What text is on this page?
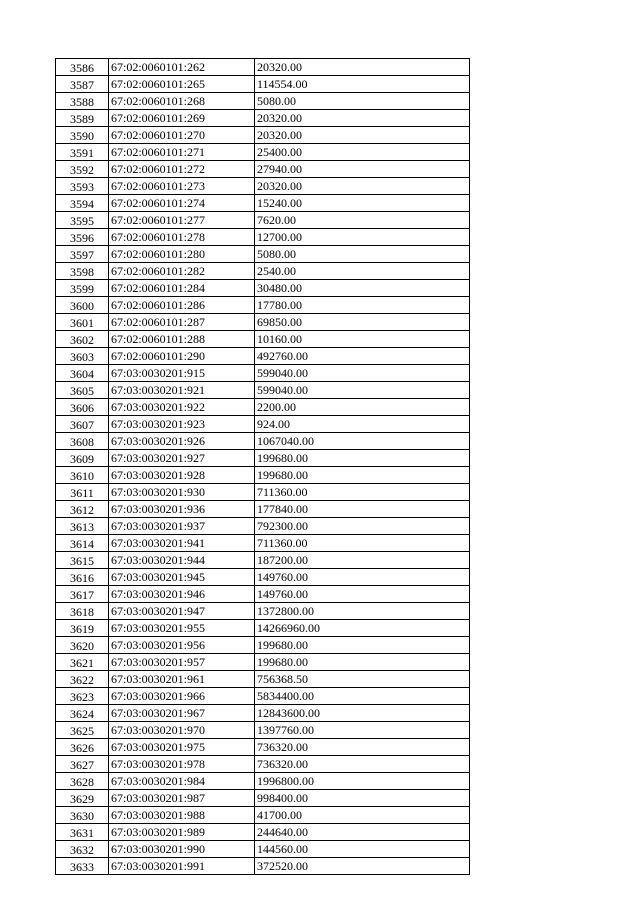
3586	67:02:0060101:262	20320.00
3587	67:02:0060101:265	114554.00
3588	67:02:0060101:268	5080.00
3589	67:02:0060101:269	20320.00
3590	67:02:0060101:270	20320.00
3591	67:02:0060101:271	25400.00
3592	67:02:0060101:272	27940.00
3593	67:02:0060101:273	20320.00
3594	67:02:0060101:274	15240.00
3595	67:02:0060101:277	7620.00
3596	67:02:0060101:278	12700.00
3597	67:02:0060101:280	5080.00
3598	67:02:0060101:282	2540.00
3599	67:02:0060101:284	30480.00
3600	67:02:0060101:286	17780.00
3601	67:02:0060101:287	69850.00
3602	67:02:0060101:288	10160.00
3603	67:02:0060101:290	492760.00
3604	67:03:0030201:915	599040.00
3605	67:03:0030201:921	599040.00
3606	67:03:0030201:922	2200.00
3607	67:03:0030201:923	924.00
3608	67:03:0030201:926	1067040.00
3609	67:03:0030201:927	199680.00
3610	67:03:0030201:928	199680.00
3611	67:03:0030201:930	711360.00
3612	67:03:0030201:936	177840.00
3613	67:03:0030201:937	792300.00
3614	67:03:0030201:941	711360.00
3615	67:03:0030201:944	187200.00
3616	67:03:0030201:945	149760.00
3617	67:03:0030201:946	149760.00
3618	67:03:0030201:947	1372800.00
3619	67:03:0030201:955	14266960.00
3620	67:03:0030201:956	199680.00
3621	67:03:0030201:957	199680.00
3622	67:03:0030201:961	756368.50
3623	67:03:0030201:966	5834400.00
3624	67:03:0030201:967	12843600.00
3625	67:03:0030201:970	1397760.00
3626	67:03:0030201:975	736320.00
3627	67:03:0030201:978	736320.00
3628	67:03:0030201:984	1996800.00
3629	67:03:0030201:987	998400.00
3630	67:03:0030201:988	41700.00
3631	67:03:0030201:989	244640.00
3632	67:03:0030201:990	144560.00
3633	67:03:0030201:991	372520.00
